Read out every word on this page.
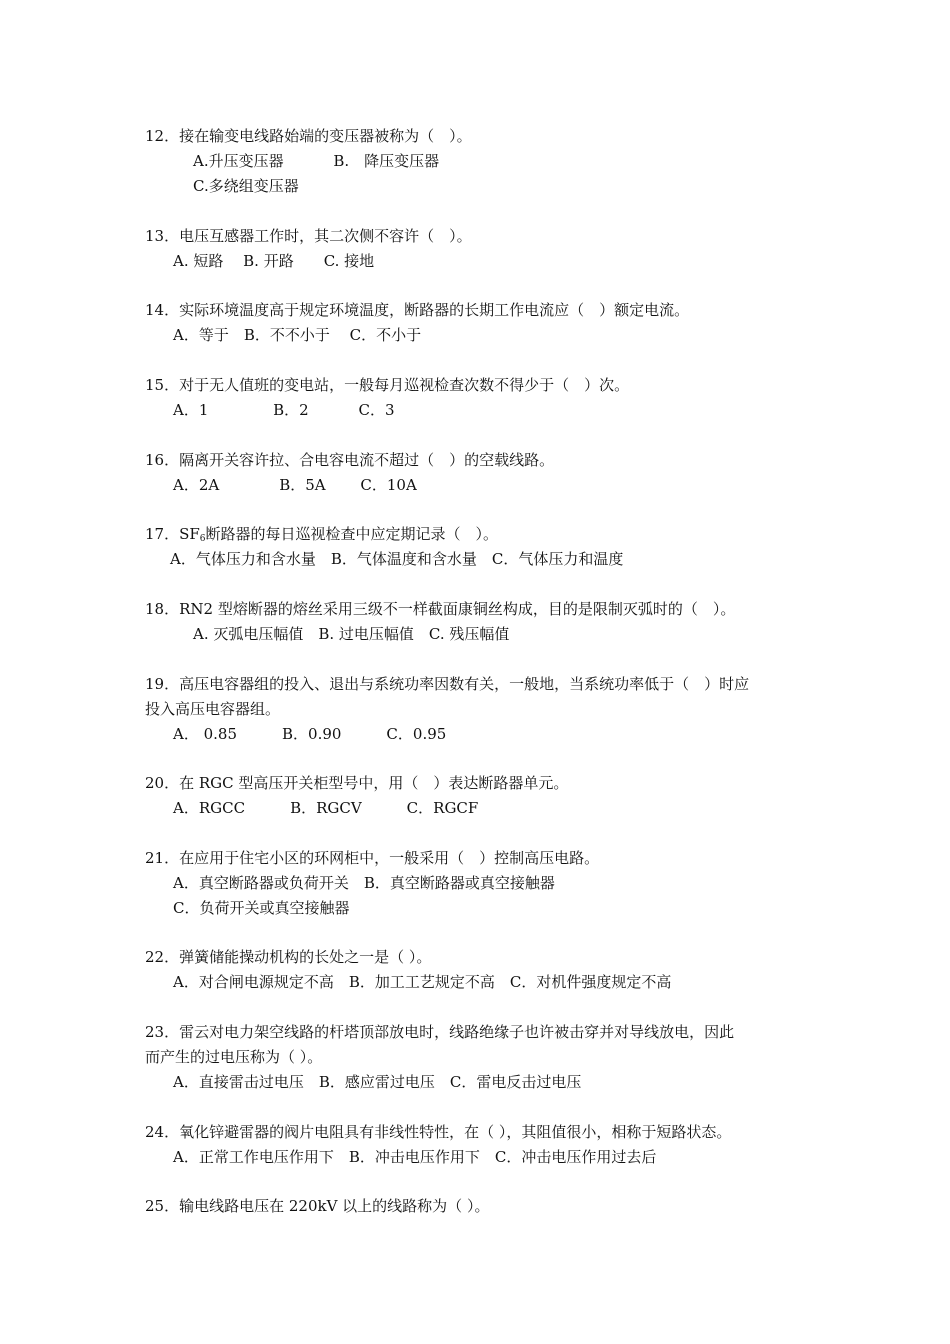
12．接在输变电线路始端的变压器被称为（　）。
A.升压变压器　　　 B.　降压变压器
C.多绕组变压器
13．电压互感器工作时，其二次侧不容许（　）。
A. 短路　 B. 开路　　C. 接地
14．实际环境温度高于规定环境温度，断路器的长期工作电流应（　）额定电流。
A．等于　B．不不小于　 C．不小于
15．对于无人值班的变电站，一般每月巡视检查次数不得少于（　）次。
A．1　　　　 B．2　　　 C．3
16．隔离开关容许拉、合电容电流不超过（　）的空载线路。
A．2A　　　　B．5A　　 C．10A
17．$SF_6$断路器的每日巡视检查中应定期记录（　）。
A．气体压力和含水量　B．气体温度和含水量　C．气体压力和温度
18．RN2 型熔断器的熔丝采用三级不一样截面康铜丝构成，目的是限制灭弧时的（　）。
A. 灭弧电压幅值　B. 过电压幅值　C. 残压幅值
19．高压电容器组的投入、退出与系统功率因数有关，一般地，当系统功率低于（　）时应
投入高压电容器组。
A． 0.85　　　B．0.90　　　C．0.95
20．在 RGC 型高压开关柜型号中，用（　）表达断路器单元。
A．RGCC　　　B．RGCV　　　C．RGCF
21．在应用于住宅小区的环网柜中，一般采用（　）控制高压电路。
A．真空断路器或负荷开关　B．真空断路器或真空接触器
C．负荷开关或真空接触器
22．弹簧储能操动机构的长处之一是（ ）。
A．对合闸电源规定不高　B．加工工艺规定不高　C．对机件强度规定不高
23．雷云对电力架空线路的杆塔顶部放电时，线路绝缘子也许被击穿并对导线放电，因此
而产生的过电压称为（ ）。
A．直接雷击过电压　B．感应雷过电压　C．雷电反击过电压
24．氧化锌避雷器的阀片电阻具有非线性特性，在（ ），其阻值很小，相称于短路状态。
A．正常工作电压作用下　B．冲击电压作用下　C．冲击电压作用过去后
25．输电线路电压在 220kV 以上的线路称为（ ）。
